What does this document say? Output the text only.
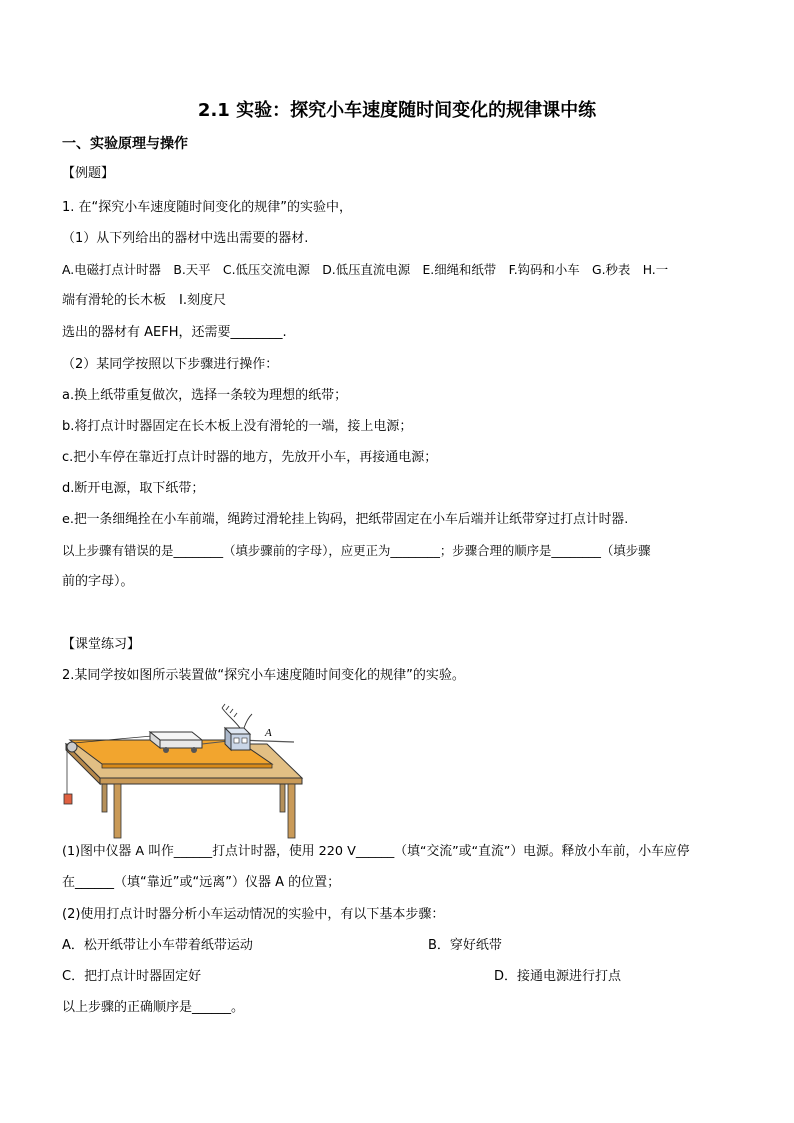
2.1 实验：探究小车速度随时间变化的规律课中练
一、实验原理与操作
【例题】
1. 在“探究小车速度随时间变化的规律”的实验中，
（1）从下列给出的器材中选出需要的器材.
A.电磁打点计时器　B.天平　C.低压交流电源　D.低压直流电源　E.细绳和纸带　F.钩码和小车　G.秒表　H.一
端有滑轮的长木板　I.刻度尺
选出的器材有 AEFH，还需要________.
（2）某同学按照以下步骤进行操作：
a.换上纸带重复做次，选择一条较为理想的纸带；
b.将打点计时器固定在长木板上没有滑轮的一端，接上电源；
c.把小车停在靠近打点计时器的地方，先放开小车，再接通电源；
d.断开电源，取下纸带；
e.把一条细绳拴在小车前端，绳跨过滑轮挂上钩码，把纸带固定在小车后端并让纸带穿过打点计时器.
以上步骤有错误的是________（填步骤前的字母），应更正为________；步骤合理的顺序是________（填步骤
前的字母）。
【课堂练习】
2.某同学按如图所示装置做“探究小车速度随时间变化的规律”的实验。
A
(1)图中仪器 A 叫作______打点计时器，使用 220 V______（填“交流”或“直流”）电源。释放小车前，小车应停
在______（填“靠近”或“远离”）仪器 A 的位置；
(2)使用打点计时器分析小车运动情况的实验中，有以下基本步骤：
A．松开纸带让小车带着纸带运动	B．穿好纸带
C．把打点计时器固定好	D．接通电源进行打点
以上步骤的正确顺序是______。
